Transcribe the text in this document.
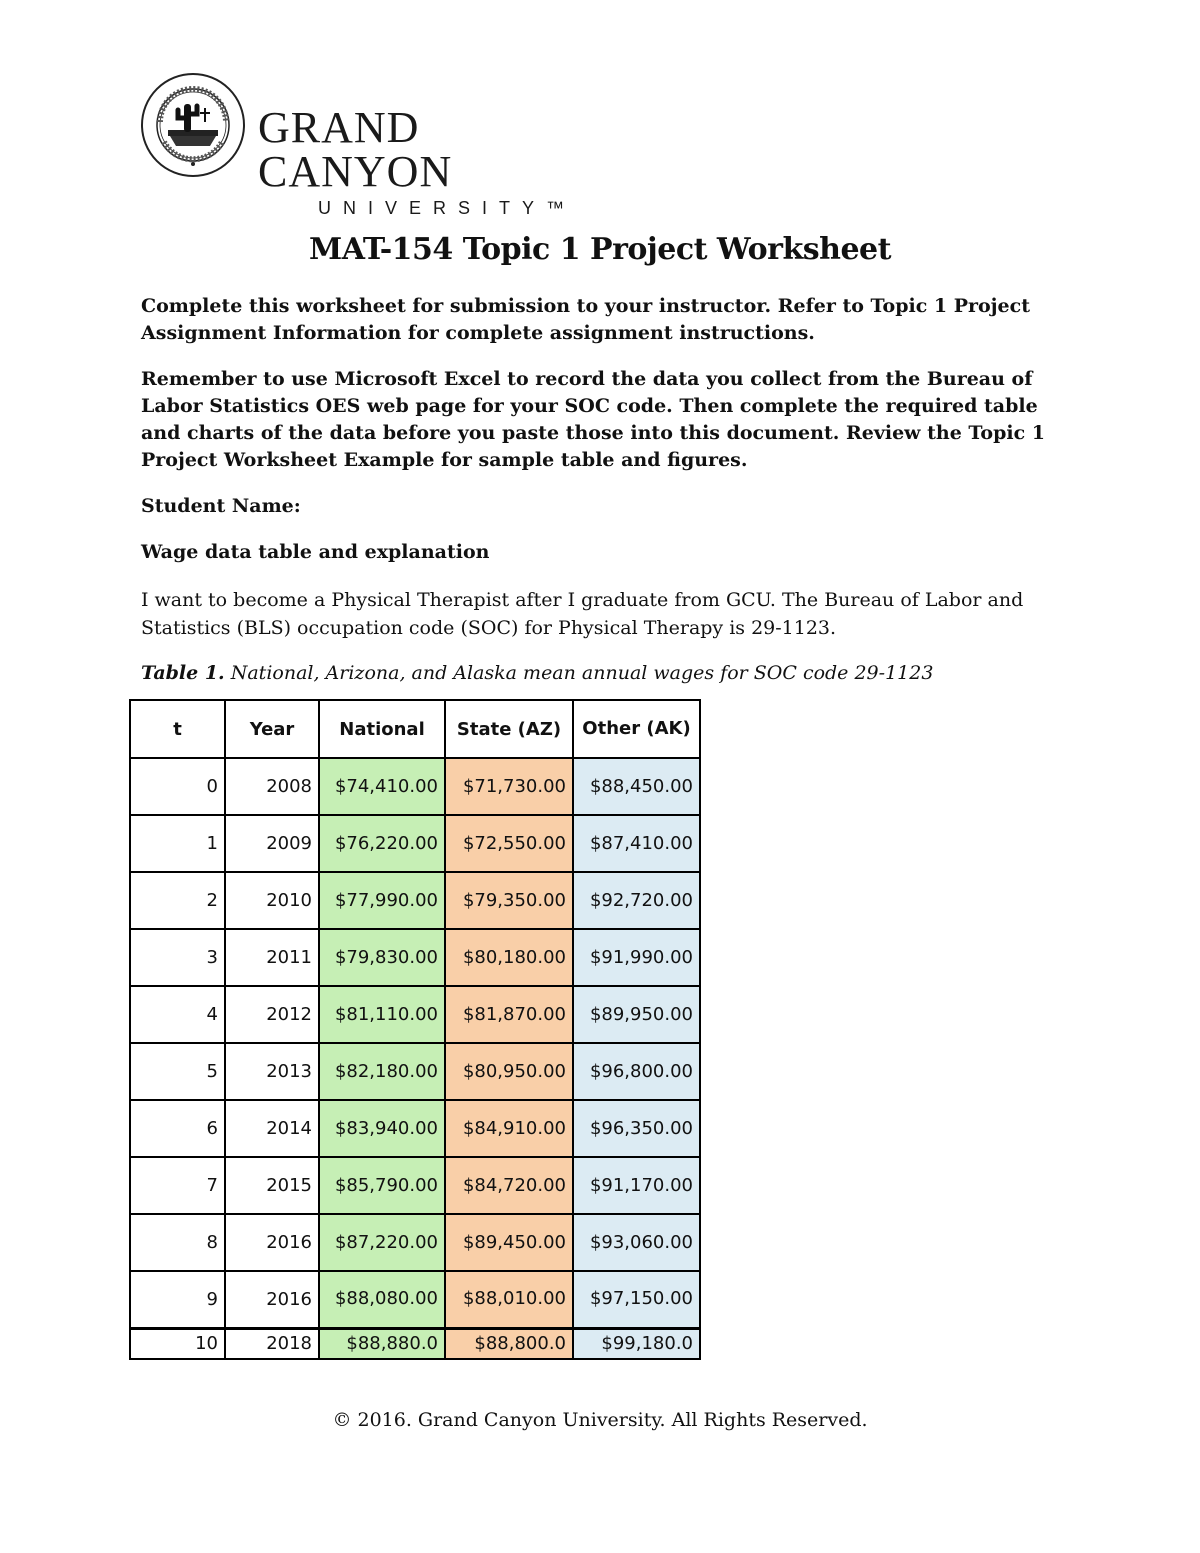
GRAND CANYON
UNIVERSITY™
MAT-154 Topic 1 Project Worksheet
Complete this worksheet for submission to your instructor. Refer to Topic 1 Project Assignment Information for complete assignment instructions.
Remember to use Microsoft Excel to record the data you collect from the Bureau of Labor Statistics OES web page for your SOC code. Then complete the required table and charts of the data before you paste those into this document. Review the Topic 1 Project Worksheet Example for sample table and figures.
Student Name:
Wage data table and explanation
I want to become a Physical Therapist after I graduate from GCU. The Bureau of Labor and Statistics (BLS) occupation code (SOC) for Physical Therapy is 29-1123.
Table 1. National, Arizona, and Alaska mean annual wages for SOC code 29-1123
t	Year	National	State (AZ)	Other (AK)
0	2008	$74,410.00	$71,730.00	$88,450.00
1	2009	$76,220.00	$72,550.00	$87,410.00
2	2010	$77,990.00	$79,350.00	$92,720.00
3	2011	$79,830.00	$80,180.00	$91,990.00
4	2012	$81,110.00	$81,870.00	$89,950.00
5	2013	$82,180.00	$80,950.00	$96,800.00
6	2014	$83,940.00	$84,910.00	$96,350.00
7	2015	$85,790.00	$84,720.00	$91,170.00
8	2016	$87,220.00	$89,450.00	$93,060.00
9	2016	$88,080.00	$88,010.00	$97,150.00
10	2018	$88,880.0	$88,800.0	$99,180.0
© 2016. Grand Canyon University. All Rights Reserved.
